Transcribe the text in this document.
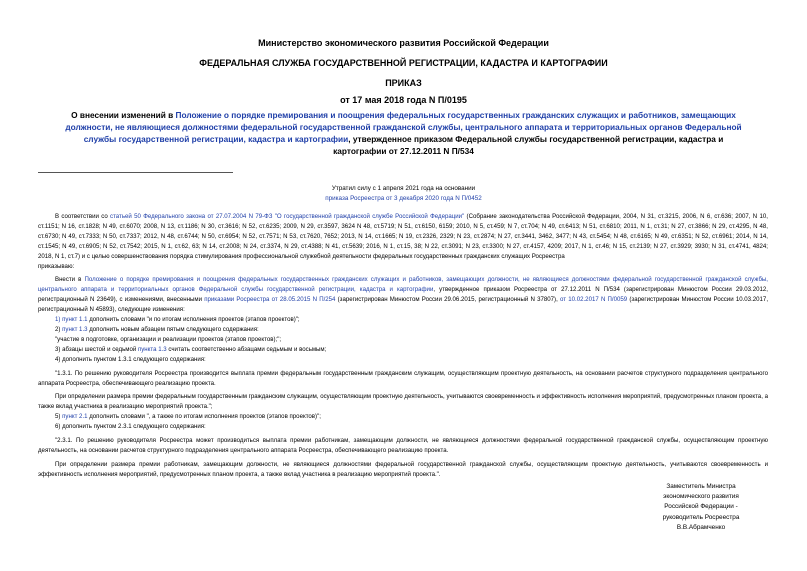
Министерство экономического развития Российской Федерации
ФЕДЕРАЛЬНАЯ СЛУЖБА ГОСУДАРСТВЕННОЙ РЕГИСТРАЦИИ, КАДАСТРА И КАРТОГРАФИИ
ПРИКАЗ
от 17 мая 2018 года N П/0195
О внесении изменений в Положение о порядке премирования и поощрения федеральных государственных гражданских служащих и работников, замещающих должности, не являющиеся должностями федеральной государственной гражданской службы, центрального аппарата и территориальных органов Федеральной службы государственной регистрации, кадастра и картографии, утвержденное приказом Федеральной службы государственной регистрации, кадастра и картографии от 27.12.2011 N П/534
Утратил силу с 1 апреля 2021 года на основании
приказа Росреестра от 3 декабря 2020 года N П/0452

В соответствии со статьей 50 Федерального закона от 27.07.2004 N 79-ФЗ "О государственной гражданской службе Российской Федерации" (Собрание законодательства Российской Федерации, 2004, N 31, ст.3215, 2006, N 6, ст.636; 2007, N 10, ст.1151; N 16, ст.1828; N 49, ст.6070; 2008, N 13, ст.1186; N 30, ст.3616; N 52, ст.6235; 2009, N 29, ст.3597, 3624 N 48, ст.5719; N 51, ст.6150, 6159; 2010, N 5, ст.459; N 7, ст.704; N 49, ст.6413; N 51, ст.6810; 2011, N 1, ст.31; N 27, ст.3866; N 29, ст.4295, N 48, ст.6730; N 49, ст.7333; N 50, ст.7337; 2012, N 48, ст.6744; N 50, ст.6954; N 52, ст.7571; N 53, ст.7620, 7652; 2013, N 14, ст.1665; N 19, ст.2326, 2329; N 23, ст.2874; N 27, ст.3441, 3462, 3477; N 43, ст.5454; N 48, ст.6165; N 49, ст.6351; N 52, ст.6961; 2014, N 14, ст.1545; N 49, ст.6905; N 52, ст.7542; 2015, N 1, ст.62, 63; N 14, ст.2008; N 24, ст.3374, N 29, ст.4388; N 41, ст.5639; 2016, N 1, ст.15, 38; N 22, ст.3091; N 23, ст.3300; N 27, ст.4157, 4209; 2017, N 1, ст.46; N 15, ст.2139; N 27, ст.3929; 3930; N 31, ст.4741, 4824; 2018, N 1, ст.7) и с целью совершенствования порядка стимулирования профессиональной служебной деятельности федеральных государственных гражданских служащих Росреестра

приказываю:

Внести в Положение о порядке премирования и поощрения федеральных государственных гражданских служащих и работников, замещающих должности, не являющиеся должностями федеральной государственной гражданской службы, центрального аппарата и территориальных органов Федеральной службы государственной регистрации, кадастра и картографии, утвержденное приказом Росреестра от 27.12.2011 N П/534 (зарегистрирован Минюстом России 29.03.2012, регистрационный N 23649), с изменениями, внесенными приказами Росреестра от 28.05.2015 N П/254 (зарегистрирован Минюстом России 29.06.2015, регистрационный N 37807), от 10.02.2017 N П/0059 (зарегистрирован Минюстом России 10.03.2017, регистрационный N 45893), следующие изменения:

1) пункт 1.1 дополнить словами "и по итогам исполнения проектов (этапов проектов)";

2) пункт 1.3 дополнить новым абзацем пятым следующего содержания:

"участие в подготовке, организации и реализации проектов (этапов проектов);";

3) абзацы шестой и седьмой пункта 1.3 считать соответственно абзацами седьмым и восьмым;

4) дополнить пунктом 1.3.1 следующего содержания:

"1.3.1. По решению руководителя Росреестра производится выплата премии федеральным государственным гражданским служащим, осуществляющим проектную деятельность, на основании расчетов структурного подразделения центрального аппарата Росреестра, обеспечивающего реализацию проекта.

При определении размера премии федеральным государственным гражданским служащим, осуществляющим проектную деятельность, учитываются своевременность и эффективность исполнения мероприятий, предусмотренных планом проекта, а также вклад участника в реализацию мероприятий проекта.";

5) пункт 2.1 дополнить словами ", а также по итогам исполнения проектов (этапов проектов)";

6) дополнить пунктом 2.3.1 следующего содержания:

"2.3.1. По решению руководителя Росреестра может производиться выплата премии работникам, замещающим должности, не являющиеся должностями федеральной государственной гражданской службы, осуществляющим проектную деятельность, на основании расчетов структурного подразделения центрального аппарата Росреестра, обеспечивающего реализацию проекта.

При определении размера премии работникам, замещающим должности, не являющиеся должностями федеральной государственной гражданской службы, осуществляющим проектную деятельность, учитываются своевременность и эффективность исполнения мероприятий, предусмотренных планом проекта, а также вклад участника в реализацию мероприятий проекта.".

Заместитель Министра
экономического развития
Российской Федерации -
руководитель Росреестра
В.В.Абрамченко
